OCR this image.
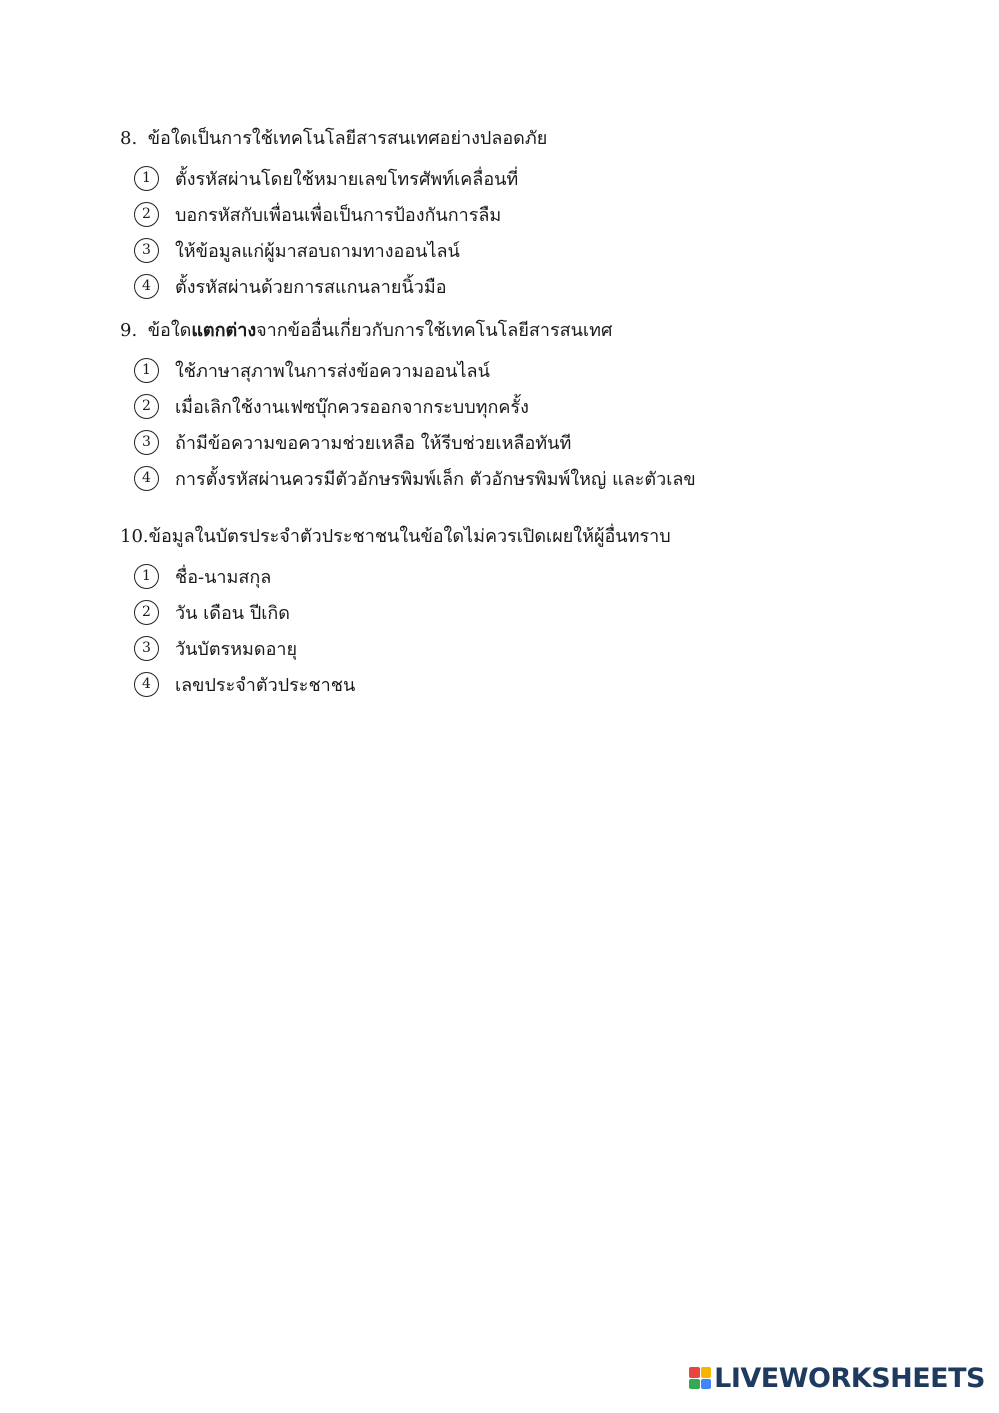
8. ข้อใดเป็นการใช้เทคโนโลยีสารสนเทศอย่างปลอดภัย
1	ตั้งรหัสผ่านโดยใช้หมายเลขโทรศัพท์เคลื่อนที่
2	บอกรหัสกับเพื่อนเพื่อเป็นการป้องกันการลืม
3	ให้ข้อมูลแก่ผู้มาสอบถามทางออนไลน์
4	ตั้งรหัสผ่านด้วยการสแกนลายนิ้วมือ
9. ข้อใดแตกต่างจากข้ออื่นเกี่ยวกับการใช้เทคโนโลยีสารสนเทศ
1	ใช้ภาษาสุภาพในการส่งข้อความออนไลน์
2	เมื่อเลิกใช้งานเฟซบุ๊กควรออกจากระบบทุกครั้ง
3	ถ้ามีข้อความขอความช่วยเหลือ ให้รีบช่วยเหลือทันที
4	การตั้งรหัสผ่านควรมีตัวอักษรพิมพ์เล็ก ตัวอักษรพิมพ์ใหญ่ และตัวเลข
10.ข้อมูลในบัตรประจำตัวประชาชนในข้อใดไม่ควรเปิดเผยให้ผู้อื่นทราบ
1	ชื่อ-นามสกุล
2	วัน เดือน ปีเกิด
3	วันบัตรหมดอายุ
4	เลขประจำตัวประชาชน
LIVEWORKSHEETS
